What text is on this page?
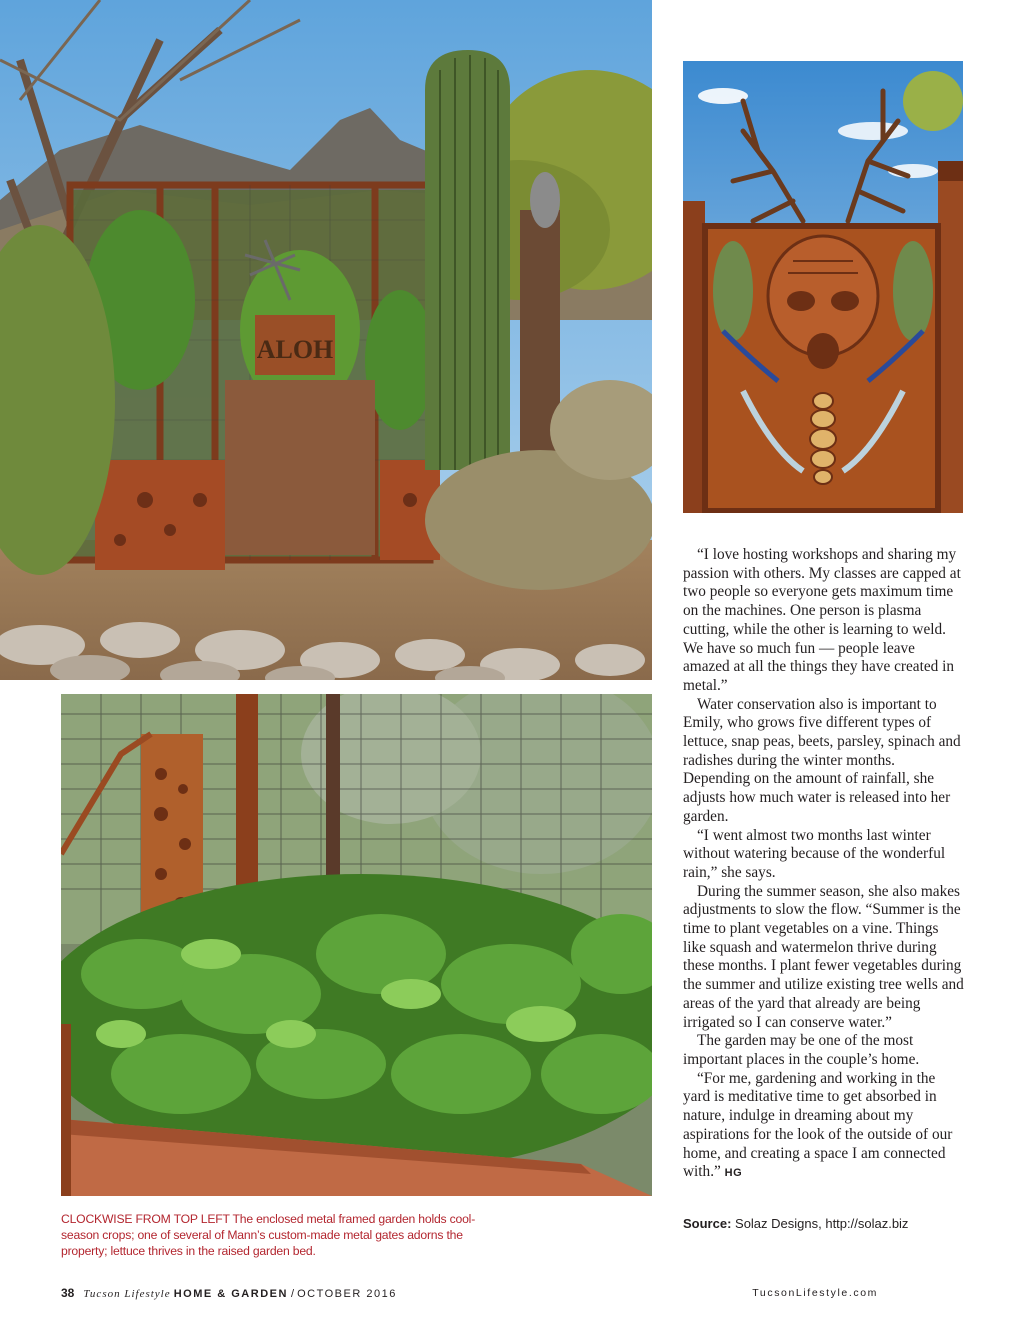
ALOH

“I love hosting workshops and sharing my passion with others. My classes are capped at two people so everyone gets maximum time on the machines. One person is plasma cutting, while the other is learning to weld. We have so much fun — people leave amazed at all the things they have created in metal.”

Water conservation also is important to Emily, who grows five different types of lettuce, snap peas, beets, parsley, spinach and radishes during the winter months. Depending on the amount of rainfall, she adjusts how much water is released into her garden.

“I went almost two months last winter without watering because of the wonderful rain,” she says.

During the summer season, she also makes adjustments to slow the flow. “Summer is the time to plant vegetables on a vine. Things like squash and watermelon thrive during these months. I plant fewer vegetables during the summer and utilize existing tree wells and areas of the yard that already are being irrigated so I can conserve water.”

The garden may be one of the most important places in the couple’s home.

“For me, gardening and working in the yard is meditative time to get absorbed in nature, indulge in dreaming about my aspirations for the look of the outside of our home, and creating a space I am connected with.” HG

Source: Solaz Designs, http://solaz.biz
CLOCKWISE FROM TOP LEFT The enclosed metal framed garden holds cool-season crops; one of several of Mann’s custom-made metal gates adorns the property; lettuce thrives in the raised garden bed.
38 Tucson Lifestyle HOME & GARDEN / OCTOBER 2016	TucsonLifestyle.com
